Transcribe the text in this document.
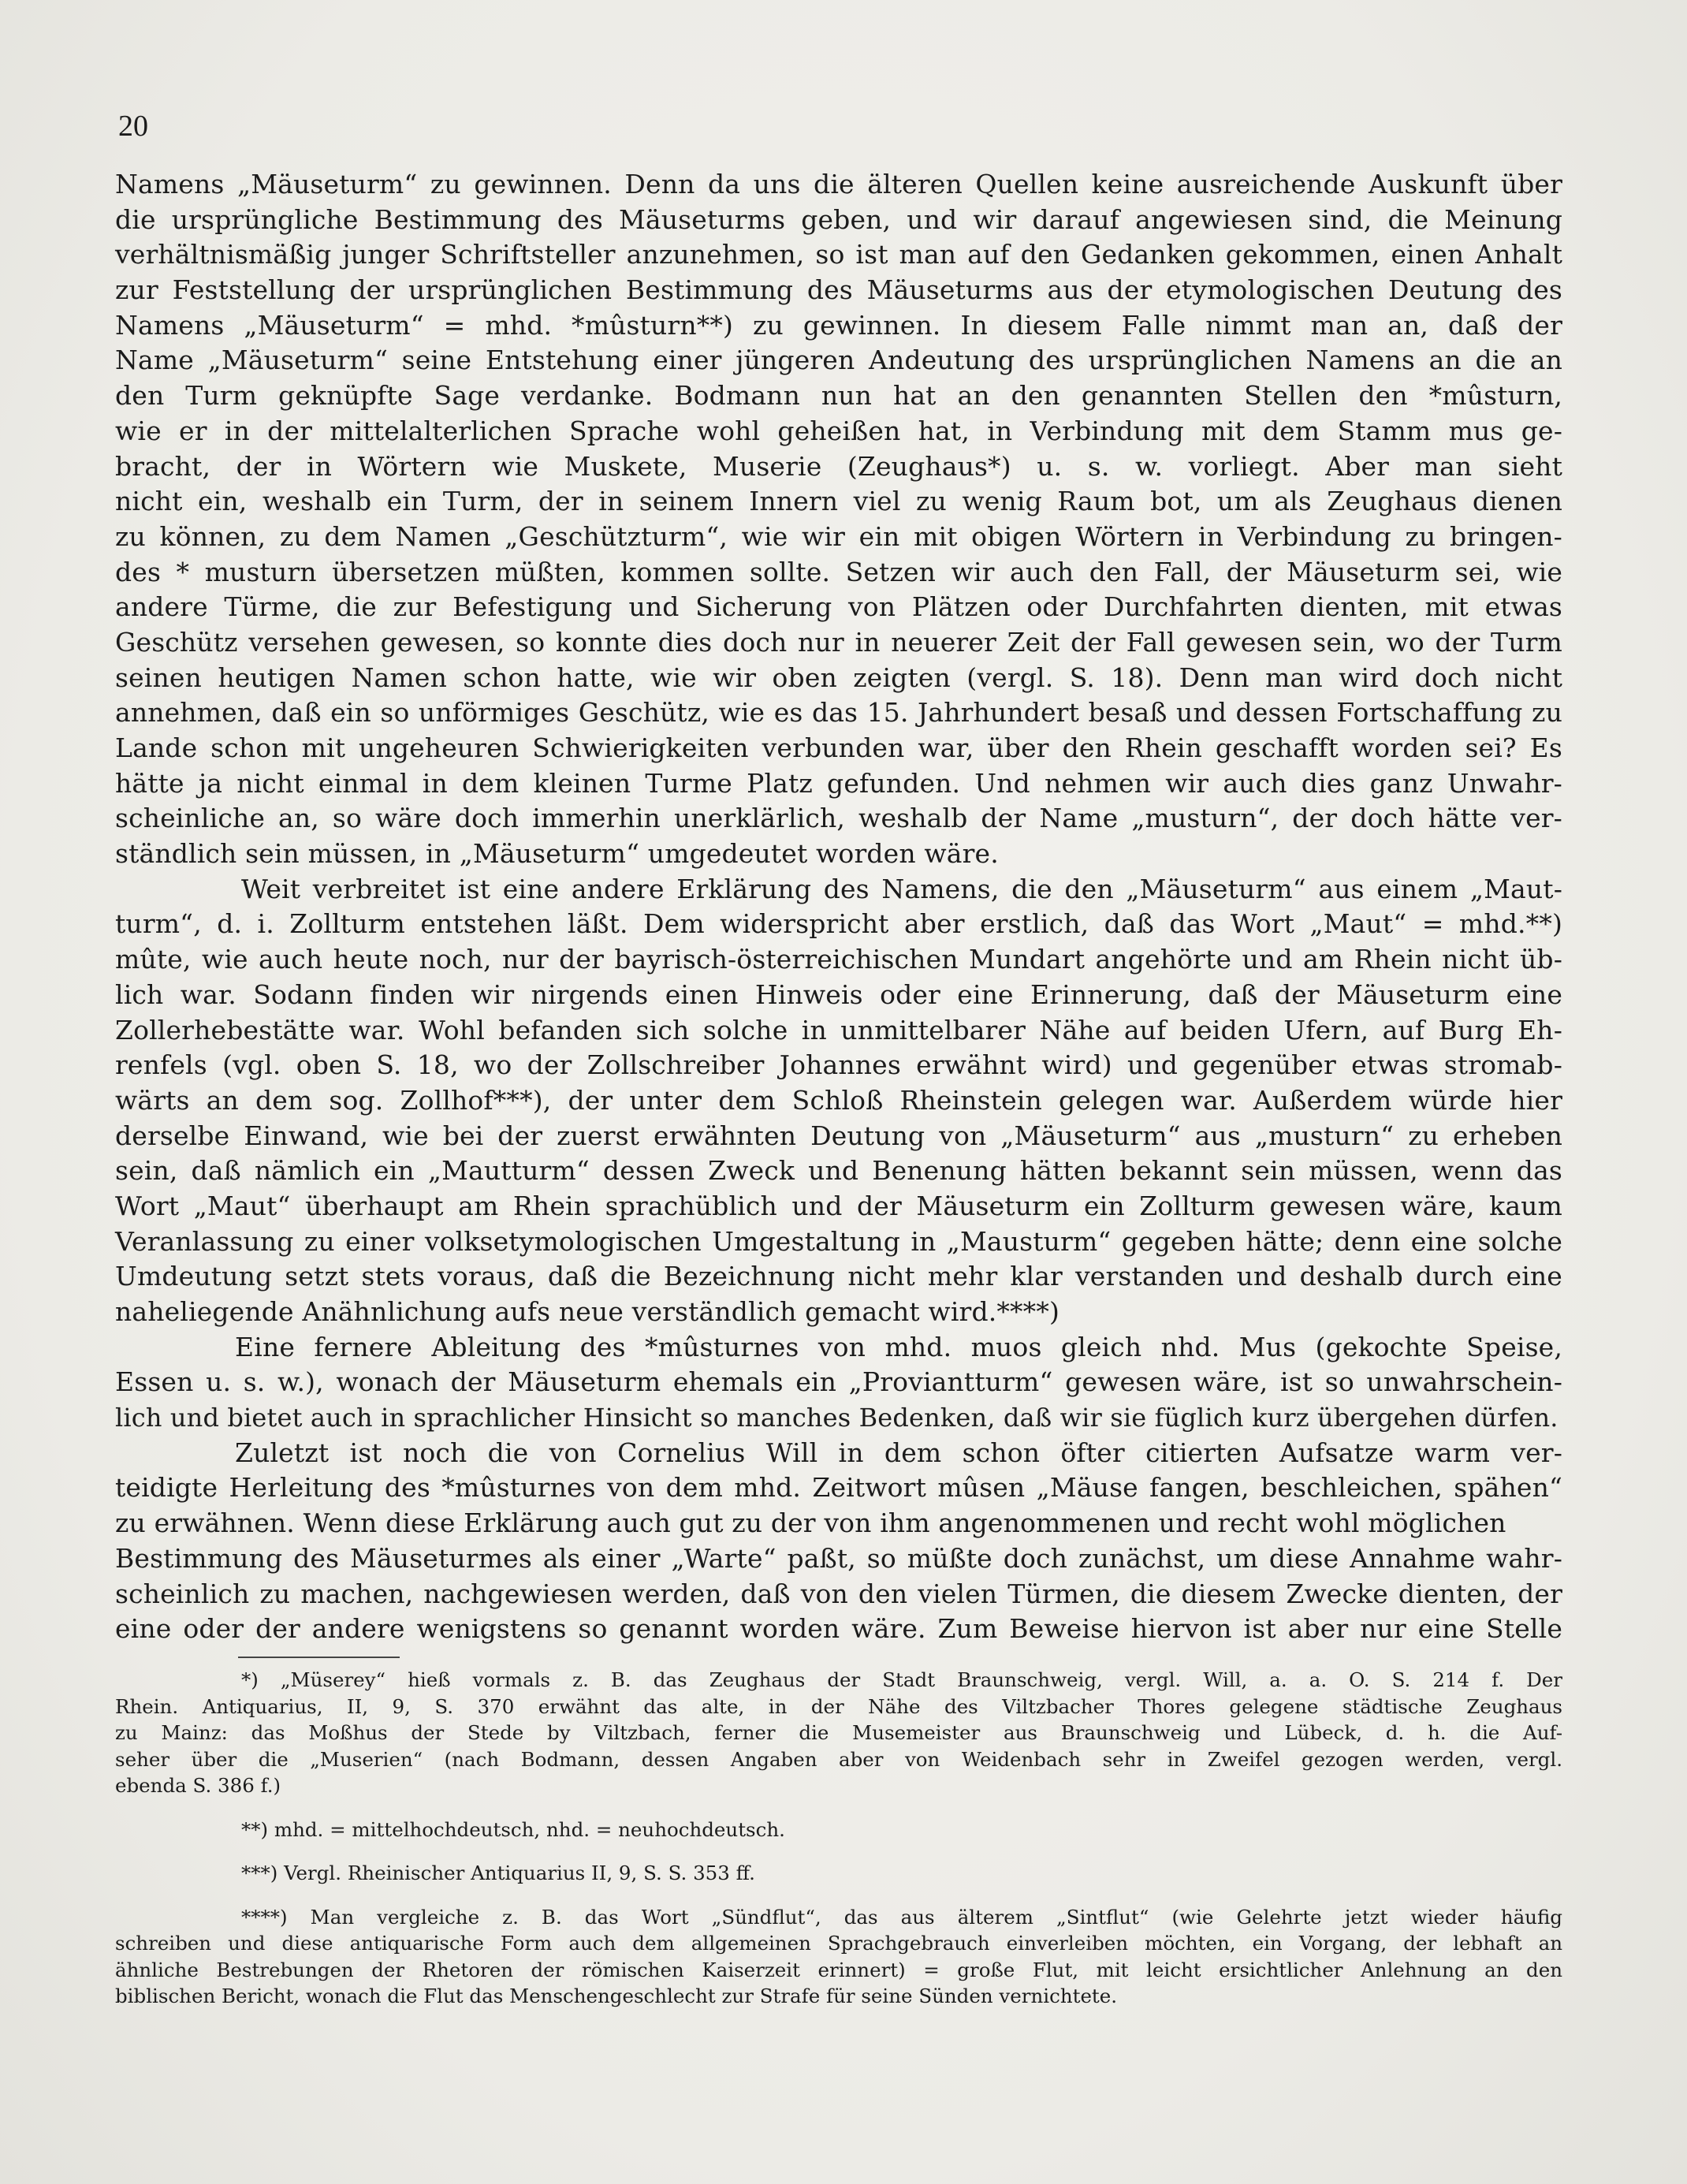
20
Namens „Mäuseturm“ zu gewinnen. Denn da uns die älteren Quellen keine ausreichende Auskunft über
die ursprüngliche Bestimmung des Mäuseturms geben, und wir darauf angewiesen sind, die Meinung
verhältnismäßig junger Schriftsteller anzunehmen, so ist man auf den Gedanken gekommen, einen Anhalt
zur Feststellung der ursprünglichen Bestimmung des Mäuseturms aus der etymologischen Deutung des
Namens „Mäuseturm“ = mhd. *mûsturn**) zu gewinnen. In diesem Falle nimmt man an, daß der
Name „Mäuseturm“ seine Entstehung einer jüngeren Andeutung des ursprünglichen Namens an die an
den Turm geknüpfte Sage verdanke. Bodmann nun hat an den genannten Stellen den *mûsturn,
wie er in der mittelalterlichen Sprache wohl geheißen hat, in Verbindung mit dem Stamm mus ge-
bracht, der in Wörtern wie Muskete, Muserie (Zeughaus*) u. s. w. vorliegt. Aber man sieht
nicht ein, weshalb ein Turm, der in seinem Innern viel zu wenig Raum bot, um als Zeughaus dienen
zu können, zu dem Namen „Geschützturm“, wie wir ein mit obigen Wörtern in Verbindung zu bringen-
des * musturn übersetzen müßten, kommen sollte. Setzen wir auch den Fall, der Mäuseturm sei, wie
andere Türme, die zur Befestigung und Sicherung von Plätzen oder Durchfahrten dienten, mit etwas
Geschütz versehen gewesen, so konnte dies doch nur in neuerer Zeit der Fall gewesen sein, wo der Turm
seinen heutigen Namen schon hatte, wie wir oben zeigten (vergl. S. 18). Denn man wird doch nicht
annehmen, daß ein so unförmiges Geschütz, wie es das 15. Jahrhundert besaß und dessen Fortschaffung zu
Lande schon mit ungeheuren Schwierigkeiten verbunden war, über den Rhein geschafft worden sei? Es
hätte ja nicht einmal in dem kleinen Turme Platz gefunden. Und nehmen wir auch dies ganz Unwahr-
scheinliche an, so wäre doch immerhin unerklärlich, weshalb der Name „musturn“, der doch hätte ver-
ständlich sein müssen, in „Mäuseturm“ umgedeutet worden wäre.
Weit verbreitet ist eine andere Erklärung des Namens, die den „Mäuseturm“ aus einem „Maut-
turm“, d. i. Zollturm entstehen läßt. Dem widerspricht aber erstlich, daß das Wort „Maut“ = mhd.**)
mûte, wie auch heute noch, nur der bayrisch-österreichischen Mundart angehörte und am Rhein nicht üb-
lich war. Sodann finden wir nirgends einen Hinweis oder eine Erinnerung, daß der Mäuseturm eine
Zollerhebestätte war. Wohl befanden sich solche in unmittelbarer Nähe auf beiden Ufern, auf Burg Eh-
renfels (vgl. oben S. 18, wo der Zollschreiber Johannes erwähnt wird) und gegenüber etwas stromab-
wärts an dem sog. Zollhof***), der unter dem Schloß Rheinstein gelegen war. Außerdem würde hier
derselbe Einwand, wie bei der zuerst erwähnten Deutung von „Mäuseturm“ aus „musturn“ zu erheben
sein, daß nämlich ein „Mautturm“ dessen Zweck und Benenung hätten bekannt sein müssen, wenn das
Wort „Maut“ überhaupt am Rhein sprachüblich und der Mäuseturm ein Zollturm gewesen wäre, kaum
Veranlassung zu einer volksetymologischen Umgestaltung in „Mausturm“ gegeben hätte; denn eine solche
Umdeutung setzt stets voraus, daß die Bezeichnung nicht mehr klar verstanden und deshalb durch eine
naheliegende Anähnlichung aufs neue verständlich gemacht wird.****)
Eine fernere Ableitung des *mûsturnes von mhd. muos gleich nhd. Mus (gekochte Speise,
Essen u. s. w.), wonach der Mäuseturm ehemals ein „Proviantturm“ gewesen wäre, ist so unwahrschein-
lich und bietet auch in sprachlicher Hinsicht so manches Bedenken, daß wir sie füglich kurz übergehen dürfen.
Zuletzt ist noch die von Cornelius Will in dem schon öfter citierten Aufsatze warm ver-
teidigte Herleitung des *mûsturnes von dem mhd. Zeitwort mûsen „Mäuse fangen, beschleichen, spähen“
zu erwähnen. Wenn diese Erklärung auch gut zu der von ihm angenommenen und recht wohl möglichen
Bestimmung des Mäuseturmes als einer „Warte“ paßt, so müßte doch zunächst, um diese Annahme wahr-
scheinlich zu machen, nachgewiesen werden, daß von den vielen Türmen, die diesem Zwecke dienten, der
eine oder der andere wenigstens so genannt worden wäre. Zum Beweise hiervon ist aber nur eine Stelle
*) „Müserey“ hieß vormals z. B. das Zeughaus der Stadt Braunschweig, vergl. Will, a. a. O. S. 214 f. Der
Rhein. Antiquarius, II, 9, S. 370 erwähnt das alte, in der Nähe des Viltzbacher Thores gelegene städtische Zeughaus
zu Mainz: das Moßhus der Stede by Viltzbach, ferner die Musemeister aus Braunschweig und Lübeck, d. h. die Auf-
seher über die „Muserien“ (nach Bodmann, dessen Angaben aber von Weidenbach sehr in Zweifel gezogen werden, vergl.
ebenda S. 386 f.)
**) mhd. = mittelhochdeutsch, nhd. = neuhochdeutsch.
***) Vergl. Rheinischer Antiquarius II, 9, S. S. 353 ff.
****) Man vergleiche z. B. das Wort „Sündflut“, das aus älterem „Sintflut“ (wie Gelehrte jetzt wieder häufig
schreiben und diese antiquarische Form auch dem allgemeinen Sprachgebrauch einverleiben möchten, ein Vorgang, der lebhaft an
ähnliche Bestrebungen der Rhetoren der römischen Kaiserzeit erinnert) = große Flut, mit leicht ersichtlicher Anlehnung an den
biblischen Bericht, wonach die Flut das Menschengeschlecht zur Strafe für seine Sünden vernichtete.
